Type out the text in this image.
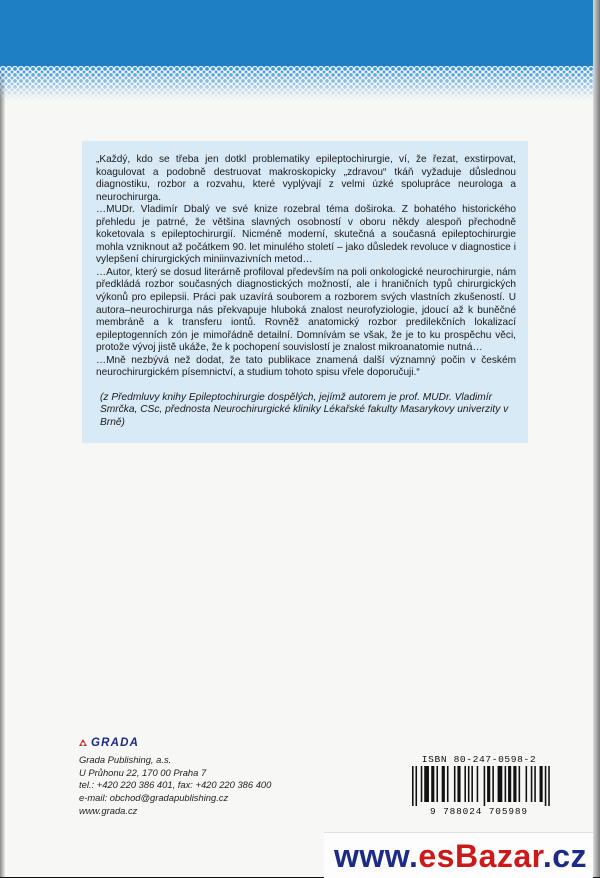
„Každý, kdo se třeba jen dotkl problematiky epileptochirurgie, ví, že řezat, exstirpovat, koagulovat a podobně destruovat makroskopicky „zdravou“ tkáň vyžaduje důslednou diagnostiku, rozbor a rozvahu, které vyplývají z velmi úzké spolupráce neurologa a neurochirurga.

…MUDr. Vladimír Dbalý ve své knize rozebral téma doširoka. Z bohatého historického přehledu je patrné, že většina slavných osobností v oboru někdy alespoň přechodně koketovala s epileptochirurgií. Nicméně moderní, skutečná a současná epileptochirurgie mohla vzniknout až počátkem 90. let minulého století – jako důsledek revoluce v diagnostice i vylepšení chirurgických miniinvazivních metod…

…Autor, který se dosud literárně profiloval především na poli onkologické neurochirurgie, nám předkládá rozbor současných diagnostických možností, ale i hraničních typů chirurgických výkonů pro epilepsii. Práci pak uzavírá souborem a rozborem svých vlastních zkušeností. U autora–neurochirurga nás překvapuje hluboká znalost neurofyziologie, jdoucí až k buněčné membráně a k transferu iontů. Rovněž anatomický rozbor predilekčních lokalizací epileptogenních zón je mimořádně detailní. Domnívám se však, že je to ku prospěchu věci, protože vývoj jistě ukáže, že k pochopení souvislostí je znalost mikroanatomie nutná…

…Mně nezbývá než dodat, že tato publikace znamená další významný počin v českém neurochirurgickém písemnictví, a studium tohoto spisu vřele doporučuji.“

(z Předmluvy knihy Epileptochirurgie dospělých, jejímž autorem je prof. MUDr. Vladimír Smrčka, CSc, přednosta Neurochirurgické kliniky Lékařské fakulty Masarykovy univerzity v Brně)
GRADA
Grada Publishing, a.s.
U Průhonu 22, 170 00 Praha 7
tel.: +420 220 386 401, fax: +420 220 386 400
e-mail: obchod@gradapublishing.cz
www.grada.cz
ISBN 80-247-0598-2
9 788024 705989
www.esBazar.cz
